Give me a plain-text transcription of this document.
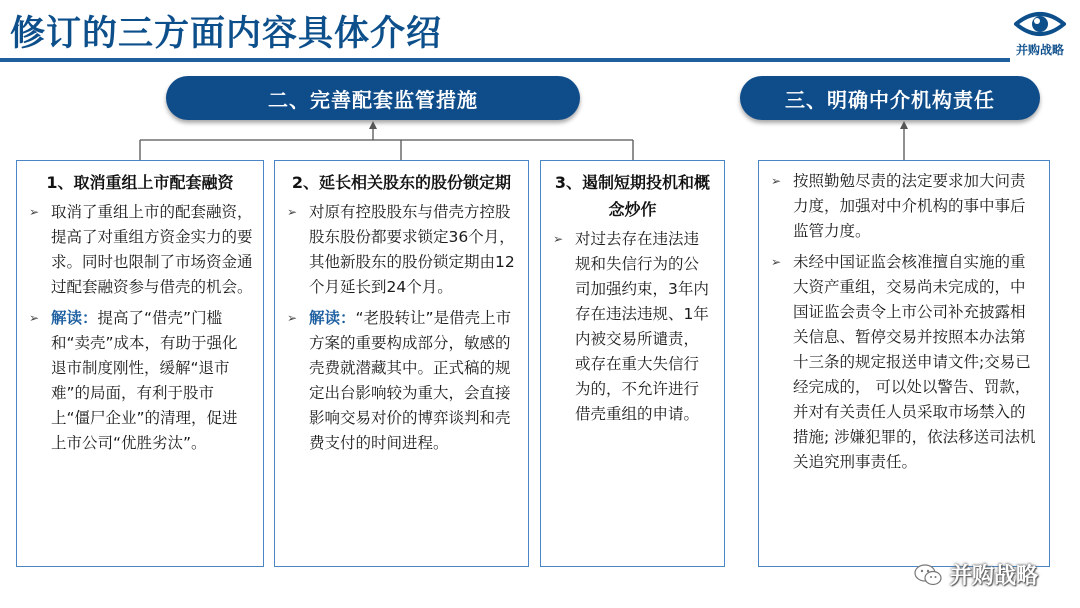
修订的三方面内容具体介绍	并购战略
二、完善配套监管措施	三、明确中介机构责任
1、取消重组上市配套融资
➢ 取消了重组上市的配套融资，提高了对重组方资金实力的要求。同时也限制了市场资金通过配套融资参与借壳的机会。
➢ 解读：提高了“借壳”门槛和“卖壳”成本，有助于强化退市制度刚性，缓解“退市难”的局面，有利于股市上“僵尸企业”的清理，促进上市公司“优胜劣汰”。
2、延长相关股东的股份锁定期
➢ 对原有控股股东与借壳方控股股东股份都要求锁定36个月，其他新股东的股份锁定期由12个月延长到24个月。
➢ 解读：“老股转让”是借壳上市方案的重要构成部分，敏感的壳费就潜藏其中。正式稿的规定出台影响较为重大，会直接影响交易对价的博弈谈判和壳费支付的时间进程。
3、遏制短期投机和概念炒作
➢ 对过去存在违法违规和失信行为的公司加强约束，3年内存在违法违规、1年内被交易所谴责，或存在重大失信行为的，不允许进行借壳重组的申请。
➢ 按照勤勉尽责的法定要求加大问责力度，加强对中介机构的事中事后监管力度。
➢ 未经中国证监会核准擅自实施的重大资产重组，交易尚未完成的，中国证监会责令上市公司补充披露相关信息、暂停交易并按照本办法第十三条的规定报送申请文件;交易已经完成的， 可以处以警告、罚款，并对有关责任人员采取市场禁入的措施; 涉嫌犯罪的，依法移送司法机关追究刑事责任。
并购战略
